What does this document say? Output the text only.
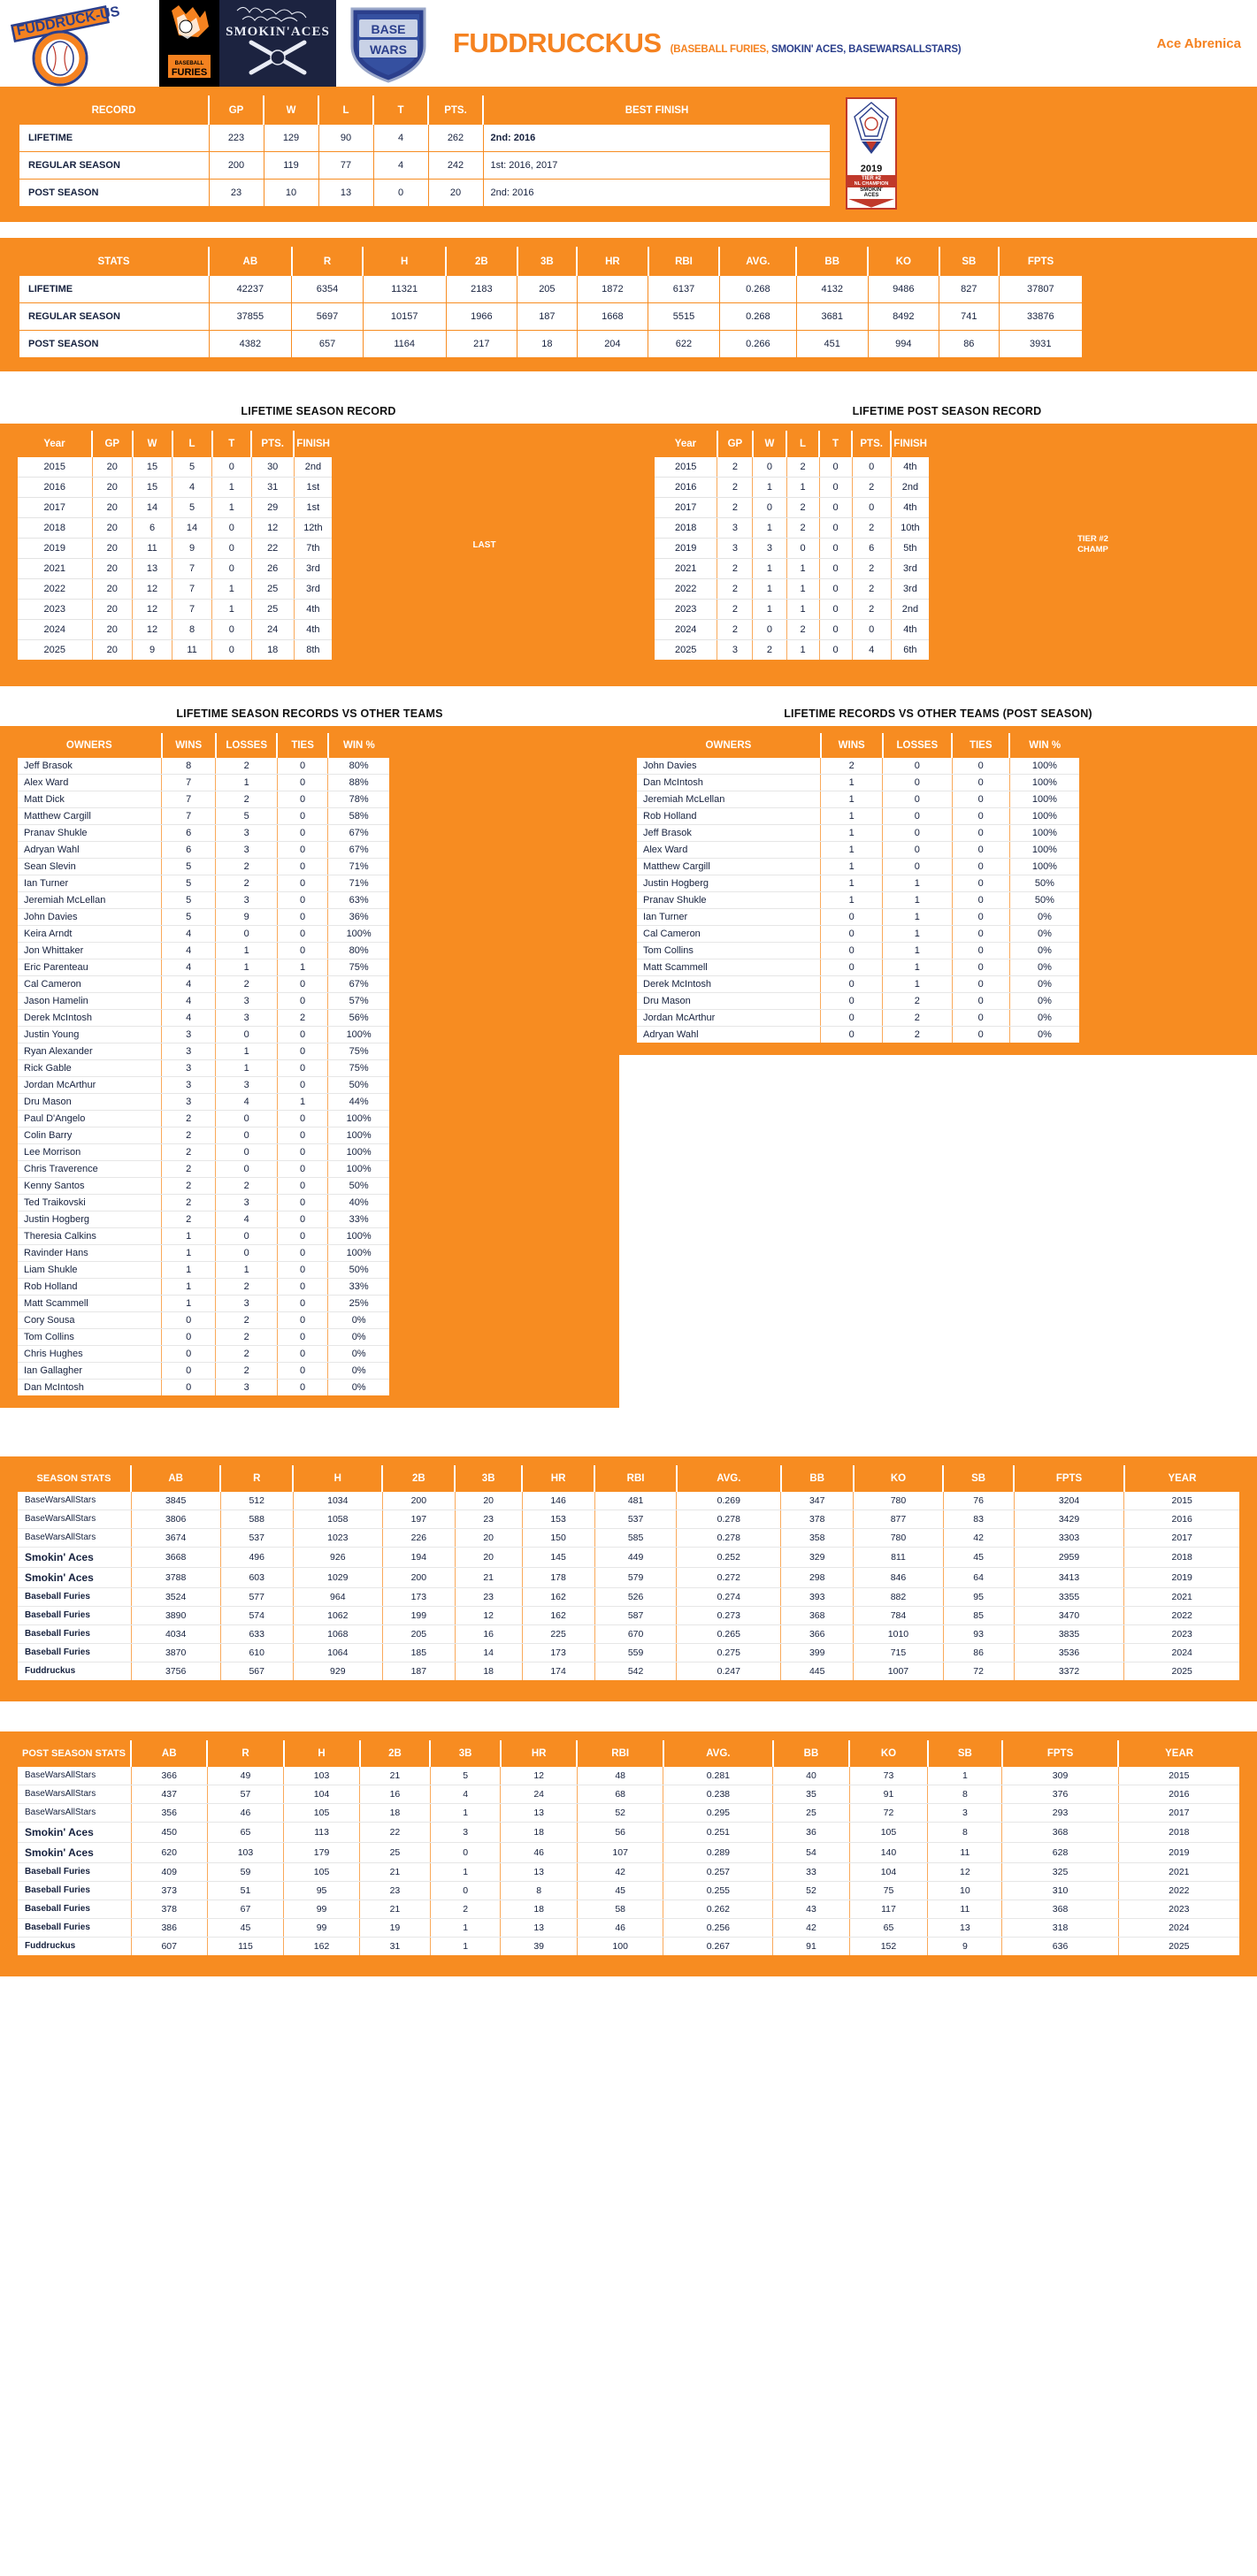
FUDDRUCK-US
BASEBALL
FURIES
SMOKIN'ACES	BASE
WARS FUDDRUCCKUS (BASEBALL FURIES, SMOKIN' ACES, BASEWARSALLSTARS)	Ace Abrenica
RECORD	GP	W	L	T	PTS.	BEST FINISH
LIFETIME	223	129	90	4	262	2nd: 2016
REGULAR SEASON	200	119	77	4	242	1st: 2016, 2017
POST SEASON	23	10	13	0	20	2nd: 2016
2019
TIER #2
NL CHAMPION
SMOKIN'
ACES
STATS	AB	R	H	2B	3B	HR	RBI	AVG.	BB	KO	SB	FPTS
LIFETIME	42237	6354	11321	2183	205	1872	6137	0.268	4132	9486	827	37807
REGULAR SEASON	37855	5697	10157	1966	187	1668	5515	0.268	3681	8492	741	33876
POST SEASON	4382	657	1164	217	18	204	622	0.266	451	994	86	3931
LIFETIME SEASON RECORD	LIFETIME POST SEASON RECORD
Year	GP	W	L	T	PTS.	FINISH
2015	20	15	5	0	30	2nd
2016	20	15	4	1	31	1st
2017	20	14	5	1	29	1st
2018	20	6	14	0	12	12th
2019	20	11	9	0	22	7th
2021	20	13	7	0	26	3rd
2022	20	12	7	1	25	3rd
2023	20	12	7	1	25	4th
2024	20	12	8	0	24	4th
2025	20	9	11	0	18	8th
LAST
Year	GP	W	L	T	PTS.	FINISH
2015	2	0	2	0	0	4th
2016	2	1	1	0	2	2nd
2017	2	0	2	0	0	4th
2018	3	1	2	0	2	10th
2019	3	3	0	0	6	5th
2021	2	1	1	0	2	3rd
2022	2	1	1	0	2	3rd
2023	2	1	1	0	2	2nd
2024	2	0	2	0	0	4th
2025	3	2	1	0	4	6th
TIER #2
CHAMP
LIFETIME SEASON RECORDS VS OTHER TEAMS	LIFETIME RECORDS VS OTHER TEAMS (POST SEASON)
OWNERS	WINS	LOSSES	TIES	WIN %
Jeff Brasok	8	2	0	80%
Alex Ward	7	1	0	88%
Matt Dick	7	2	0	78%
Matthew Cargill	7	5	0	58%
Pranav Shukle	6	3	0	67%
Adryan Wahl	6	3	0	67%
Sean Slevin	5	2	0	71%
Ian Turner	5	2	0	71%
Jeremiah McLellan	5	3	0	63%
John Davies	5	9	0	36%
Keira Arndt	4	0	0	100%
Jon Whittaker	4	1	0	80%
Eric Parenteau	4	1	1	75%
Cal Cameron	4	2	0	67%
Jason Hamelin	4	3	0	57%
Derek McIntosh	4	3	2	56%
Justin Young	3	0	0	100%
Ryan Alexander	3	1	0	75%
Rick Gable	3	1	0	75%
Jordan McArthur	3	3	0	50%
Dru Mason	3	4	1	44%
Paul D'Angelo	2	0	0	100%
Colin Barry	2	0	0	100%
Lee Morrison	2	0	0	100%
Chris Traverence	2	0	0	100%
Kenny Santos	2	2	0	50%
Ted Traikovski	2	3	0	40%
Justin Hogberg	2	4	0	33%
Theresia Calkins	1	0	0	100%
Ravinder Hans	1	0	0	100%
Liam Shukle	1	1	0	50%
Rob Holland	1	2	0	33%
Matt Scammell	1	3	0	25%
Cory Sousa	0	2	0	0%
Tom Collins	0	2	0	0%
Chris Hughes	0	2	0	0%
Ian Gallagher	0	2	0	0%
Dan McIntosh	0	3	0	0%
OWNERS	WINS	LOSSES	TIES	WIN %
John Davies	2	0	0	100%
Dan McIntosh	1	0	0	100%
Jeremiah McLellan	1	0	0	100%
Rob Holland	1	0	0	100%
Jeff Brasok	1	0	0	100%
Alex Ward	1	0	0	100%
Matthew Cargill	1	0	0	100%
Justin Hogberg	1	1	0	50%
Pranav Shukle	1	1	0	50%
Ian Turner	0	1	0	0%
Cal Cameron	0	1	0	0%
Tom Collins	0	1	0	0%
Matt Scammell	0	1	0	0%
Derek McIntosh	0	1	0	0%
Dru Mason	0	2	0	0%
Jordan McArthur	0	2	0	0%
Adryan Wahl	0	2	0	0%
SEASON STATS	AB	R	H	2B	3B	HR	RBI	AVG.	BB	KO	SB	FPTS	YEAR
BaseWarsAllStars	3845	512	1034	200	20	146	481	0.269	347	780	76	3204	2015
BaseWarsAllStars	3806	588	1058	197	23	153	537	0.278	378	877	83	3429	2016
BaseWarsAllStars	3674	537	1023	226	20	150	585	0.278	358	780	42	3303	2017
Smokin' Aces	3668	496	926	194	20	145	449	0.252	329	811	45	2959	2018
Smokin' Aces	3788	603	1029	200	21	178	579	0.272	298	846	64	3413	2019
Baseball Furies	3524	577	964	173	23	162	526	0.274	393	882	95	3355	2021
Baseball Furies	3890	574	1062	199	12	162	587	0.273	368	784	85	3470	2022
Baseball Furies	4034	633	1068	205	16	225	670	0.265	366	1010	93	3835	2023
Baseball Furies	3870	610	1064	185	14	173	559	0.275	399	715	86	3536	2024
Fuddruckus	3756	567	929	187	18	174	542	0.247	445	1007	72	3372	2025
POST SEASON STATS	AB	R	H	2B	3B	HR	RBI	AVG.	BB	KO	SB	FPTS	YEAR
BaseWarsAllStars	366	49	103	21	5	12	48	0.281	40	73	1	309	2015
BaseWarsAllStars	437	57	104	16	4	24	68	0.238	35	91	8	376	2016
BaseWarsAllStars	356	46	105	18	1	13	52	0.295	25	72	3	293	2017
Smokin' Aces	450	65	113	22	3	18	56	0.251	36	105	8	368	2018
Smokin' Aces	620	103	179	25	0	46	107	0.289	54	140	11	628	2019
Baseball Furies	409	59	105	21	1	13	42	0.257	33	104	12	325	2021
Baseball Furies	373	51	95	23	0	8	45	0.255	52	75	10	310	2022
Baseball Furies	378	67	99	21	2	18	58	0.262	43	117	11	368	2023
Baseball Furies	386	45	99	19	1	13	46	0.256	42	65	13	318	2024
Fuddruckus	607	115	162	31	1	39	100	0.267	91	152	9	636	2025
